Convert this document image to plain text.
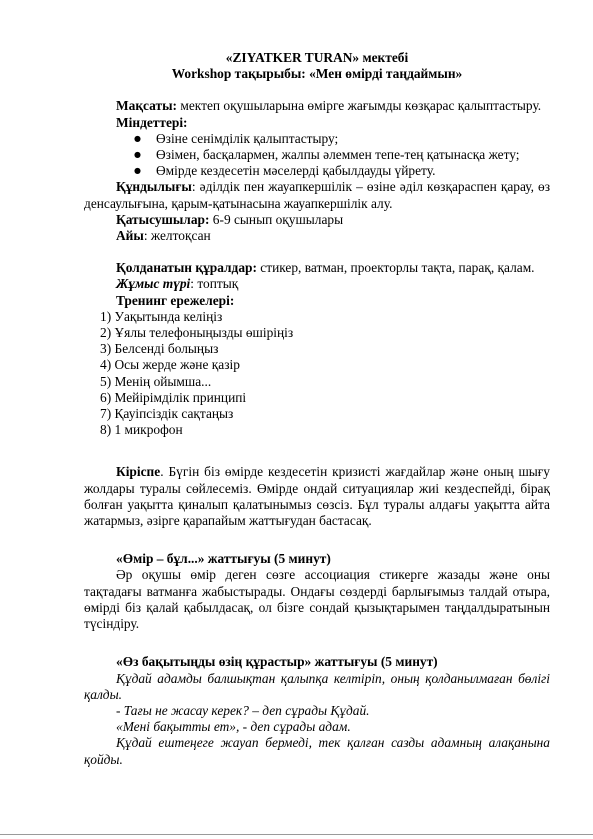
«ZIYATKER TURAN» мектебі

Workshop тақырыбы: «Мен өмірді таңдаймын»

Мақсаты: мектеп оқушыларына өмірге жағымды көзқарас қалыптастыру.

Міндеттері:

● Өзіне сенімділік қалыптастыру;
● Өзімен, басқалармен, жалпы әлеммен тепе-тең қатынасқа жету;
● Өмірде кездесетін мәселерді қабылдауды үйрету.

Құндылығы: әділдік пен жауапкершілік – өзіне әділ көзқараспен қарау, өз денсаулығына, қарым-қатынасына жауапкершілік алу.

Қатысушылар: 6-9 сынып оқушылары

Айы: желтоқсан

Қолданатын құралдар: стикер, ватман, проекторлы тақта, парақ, қалам.

Жұмыс түрі: топтық

Тренинг ережелері:

1) Уақытында келіңіз

2) Ұялы телефоныңызды өшіріңіз

3) Белсенді болыңыз

4) Осы жерде және қазір

5) Менің ойымша...

6) Мейірімділік принципі

7) Қауіпсіздік сақтаңыз

8) 1 микрофон

Кіріспе. Бүгін біз өмірде кездесетін кризисті жағдайлар және оның шығу жолдары туралы сөйлесеміз. Өмірде ондай ситуациялар жиі кездеспейді, бірақ болған уақытта қиналып қалатынымыз сөзсіз. Бұл туралы алдағы уақытта айта жатармыз, әзірге қарапайым жаттығудан бастасақ.

«Өмір – бұл...» жаттығуы (5 минут)

Әр оқушы өмір деген сөзге ассоциация стикерге жазады және оны тақтадағы ватманға жабыстырады. Ондағы сөздерді барлығымыз талдай отыра, өмірді біз қалай қабылдасақ, ол бізге сондай қызықтарымен таңдалдыратынын түсіндіру.

«Өз бақытыңды өзің құрастыр» жаттығуы (5 минут)

Құдай адамды балшықтан қалыпқа келтіріп, оның қолданылмаған бөлігі қалды.

- Тағы не жасау керек? – деп сұрады Құдай.

«Мені бақытты ет», - деп сұрады адам.

Құдай ештеңеге жауап бермеді, тек қалған сазды адамның алақанына қойды.
